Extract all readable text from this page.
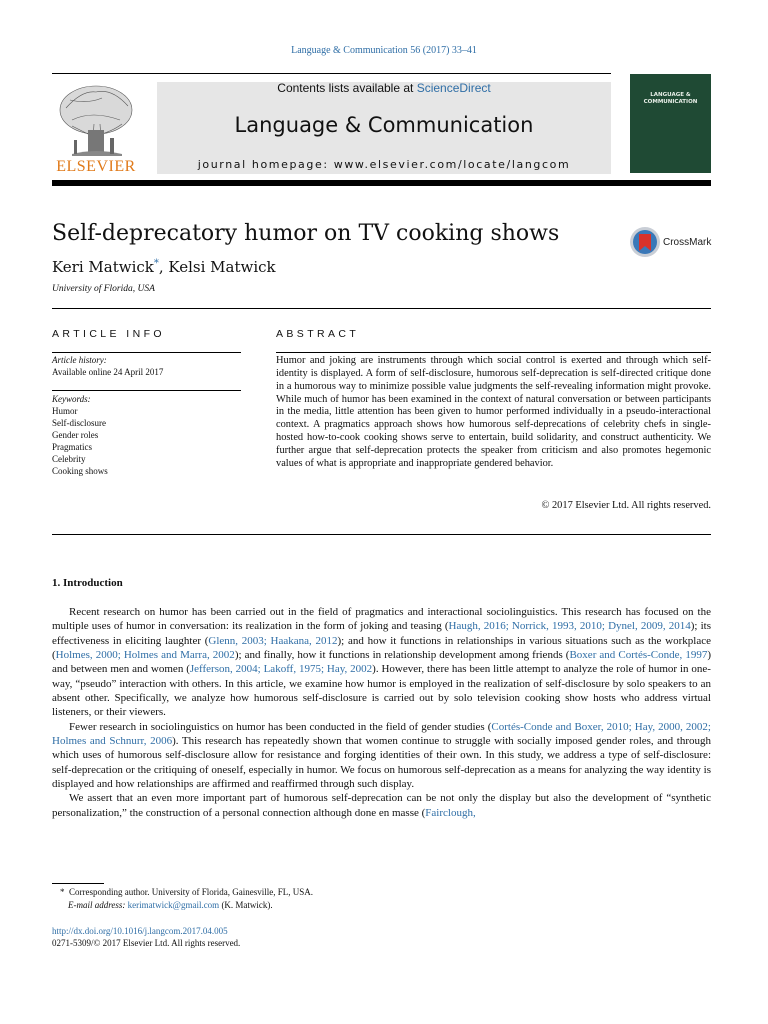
Language & Communication 56 (2017) 33–41
Contents lists available at ScienceDirect
Language & Communication
journal homepage: www.elsevier.com/locate/langcom
ELSEVIER
LANGUAGE & COMMUNICATION
Self-deprecatory humor on TV cooking shows
Keri Matwick*, Kelsi Matwick
University of Florida, USA
CrossMark
ARTICLE INFO
Article history:
Available online 24 April 2017
Keywords:
Humor
Self-disclosure
Gender roles
Pragmatics
Celebrity
Cooking shows
ABSTRACT
Humor and joking are instruments through which social control is exerted and through which self-identity is displayed. A form of self-disclosure, humorous self-deprecation is self-directed critique done in a humorous way to minimize possible value judgments the self-revealing information might provoke. While much of humor has been examined in the context of natural conversation or between participants in the media, little attention has been given to humor performed individually in a pseudo-interactional context. A pragmatics approach shows how humorous self-deprecations of celebrity chefs in single-hosted how-to-cook cooking shows serve to entertain, build solidarity, and construct authenticity. We further argue that self-deprecation protects the speaker from criticism and also promotes hegemonic values of what is appropriate and inappropriate gendered behavior.
© 2017 Elsevier Ltd. All rights reserved.
1. Introduction

Recent research on humor has been carried out in the field of pragmatics and interactional sociolinguistics. This research has focused on the multiple uses of humor in conversation: its realization in the form of joking and teasing (Haugh, 2016; Norrick, 1993, 2010; Dynel, 2009, 2014); its effectiveness in eliciting laughter (Glenn, 2003; Haakana, 2012); and how it functions in relationships in various situations such as the workplace (Holmes, 2000; Holmes and Marra, 2002); and finally, how it functions in relationship development among friends (Boxer and Cortés-Conde, 1997) and between men and women (Jefferson, 2004; Lakoff, 1975; Hay, 2002). However, there has been little attempt to analyze the role of humor in one-way, “pseudo” interaction with others. In this article, we examine how humor is employed in the realization of self-disclosure by solo speakers to an absent other. Specifically, we analyze how humorous self-disclosure is carried out by solo television cooking show hosts who address virtual listeners, or their viewers.

Fewer research in sociolinguistics on humor has been conducted in the field of gender studies (Cortés-Conde and Boxer, 2010; Hay, 2000, 2002; Holmes and Schnurr, 2006). This research has repeatedly shown that women continue to struggle with socially imposed gender roles, and through which uses of humorous self-disclosure allow for resistance and forging identities of their own. In this study, we address a type of self-disclosure: self-deprecation or the critiquing of oneself, especially in humor. We focus on humorous self-deprecation as a means for analyzing the way identity is displayed and how relationships are affirmed and reaffirmed through such display.

We assert that an even more important part of humorous self-deprecation can be not only the display but also the development of “synthetic personalization,” the construction of a personal connection although done en masse (Fairclough,

* Corresponding author. University of Florida, Gainesville, FL, USA.
E-mail address: kerimatwick@gmail.com (K. Matwick).
http://dx.doi.org/10.1016/j.langcom.2017.04.005
0271-5309/© 2017 Elsevier Ltd. All rights reserved.
